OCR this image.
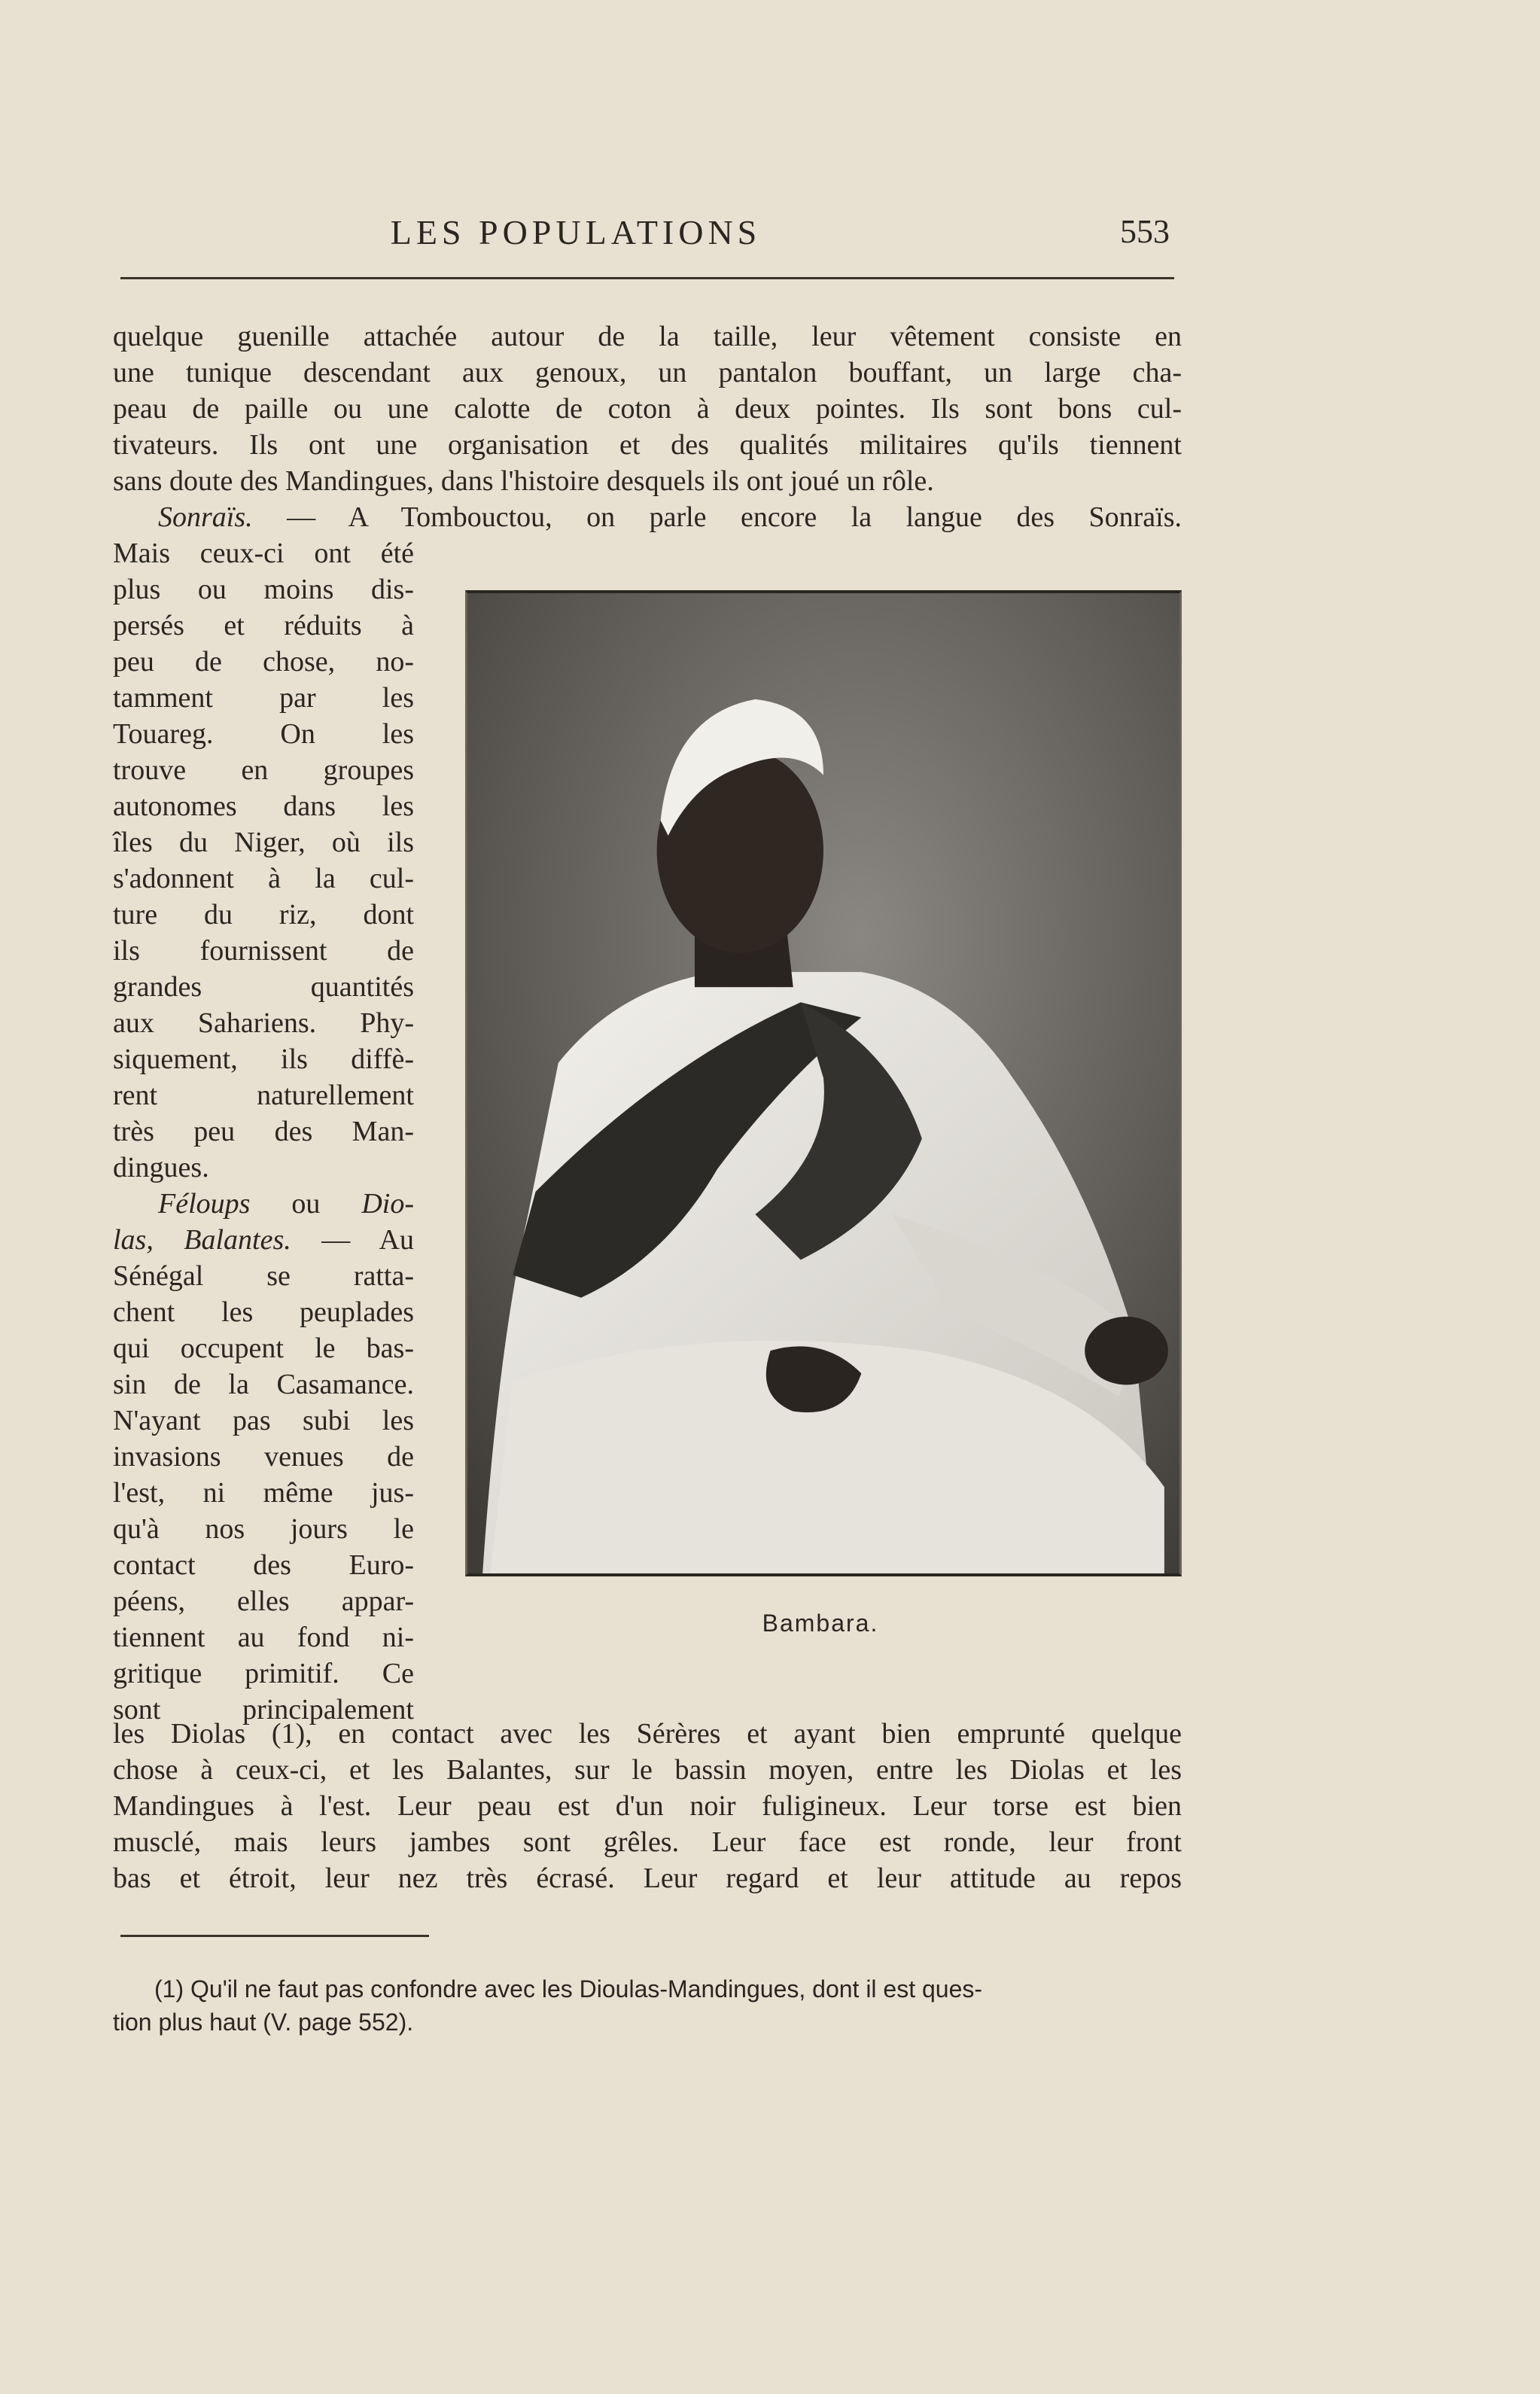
LES POPULATIONS	553
quelque guenille attachée autour de la taille, leur vêtement consiste en
une tunique descendant aux genoux, un pantalon bouffant, un large cha-
peau de paille ou une calotte de coton à deux pointes. Ils sont bons cul-
tivateurs. Ils ont une organisation et des qualités militaires qu'ils tiennent
sans doute des Mandingues, dans l'histoire desquels ils ont joué un rôle.
Sonraïs. — A Tombouctou, on parle encore la langue des Sonraïs.
Mais ceux-ci ont été
plus ou moins dis-
persés et réduits à
peu de chose, no-
tamment par les
Touareg. On les
trouve en groupes
autonomes dans les
îles du Niger, où ils
s'adonnent à la cul-
ture du riz, dont
ils fournissent de
grandes quantités
aux Sahariens. Phy-
siquement, ils diffè-
rent naturellement
très peu des Man-
dingues.
Féloups ou Dio-
las, Balantes. — Au
Sénégal se ratta-
chent les peuplades
qui occupent le bas-
sin de la Casamance.
N'ayant pas subi les
invasions venues de
l'est, ni même jus-
qu'à nos jours le
contact des Euro-
péens, elles appar-
tiennent au fond ni-
gritique primitif. Ce
sont principalement
les Diolas (1), en contact avec les Sérères et ayant bien emprunté quelque
chose à ceux-ci, et les Balantes, sur le bassin moyen, entre les Diolas et les
Mandingues à l'est. Leur peau est d'un noir fuligineux. Leur torse est bien
musclé, mais leurs jambes sont grêles. Leur face est ronde, leur front
bas et étroit, leur nez très écrasé. Leur regard et leur attitude au repos
Bambara.
(1) Qu'il ne faut pas confondre avec les Dioulas-Mandingues, dont il est ques-
tion plus haut (V. page 552).
